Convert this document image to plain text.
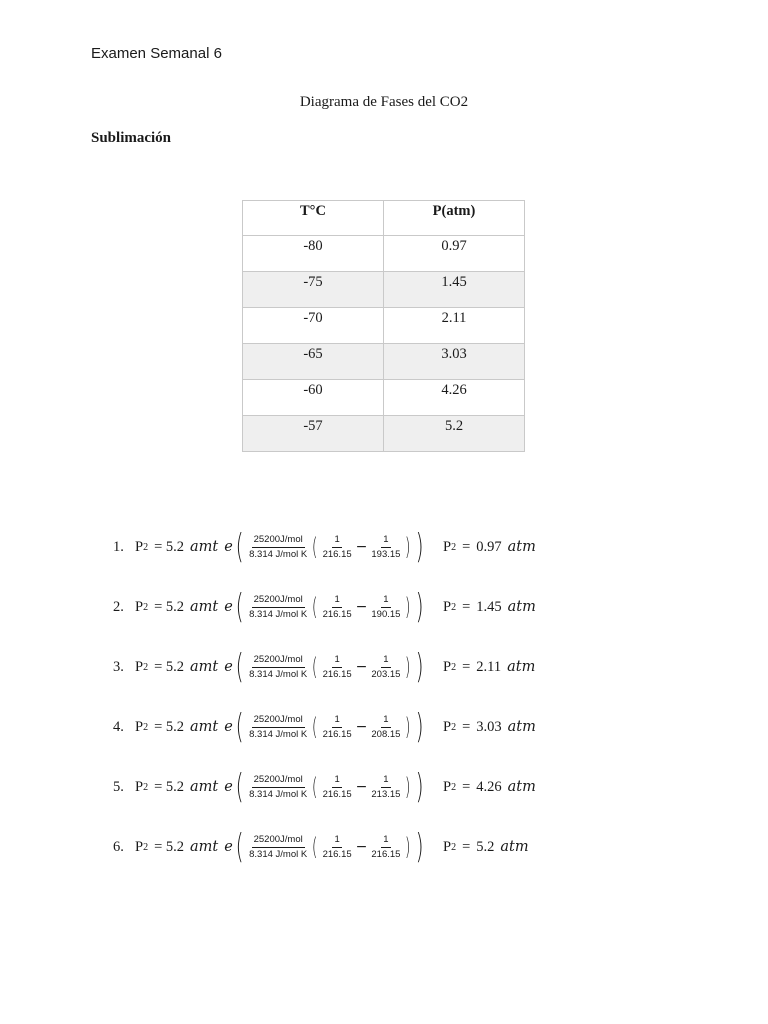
Examen Semanal 6
Diagrama de Fases del CO2
Sublimación
T°C	P(atm)
-80	0.97
-75	1.45
-70	2.11
-65	3.03
-60	4.26
-57	5.2
1. P 2 = 5.2 amt e ( 25200J/mol
8.314 J/mol K ( 1
$216.15 - \frac{1}{193.15}$ ) ) P 2 = 0.97 atm
2. P 2 = 5.2 amt e ( 25200J/mol
8.314 J/mol K ( 1
$216.15 - \frac{1}{190.15}$ ) ) P 2 = 1.45 atm
3. P 2 = 5.2 amt e ( 25200J/mol
8.314 J/mol K ( 1
$216.15 - \frac{1}{203.15}$ ) ) P 2 = 2.11 atm
4. P 2 = 5.2 amt e ( 25200J/mol
8.314 J/mol K ( 1
$216.15 - \frac{1}{208.15}$ ) ) P 2 = 3.03 atm
5. P 2 = 5.2 amt e ( 25200J/mol
8.314 J/mol K ( 1
$216.15 - \frac{1}{213.15}$ ) ) P 2 = 4.26 atm
6. P 2 = 5.2 amt e ( 25200J/mol
8.314 J/mol K ( 1
$216.15 - \frac{1}{216.15}$ ) ) P 2 = 5.2 atm
